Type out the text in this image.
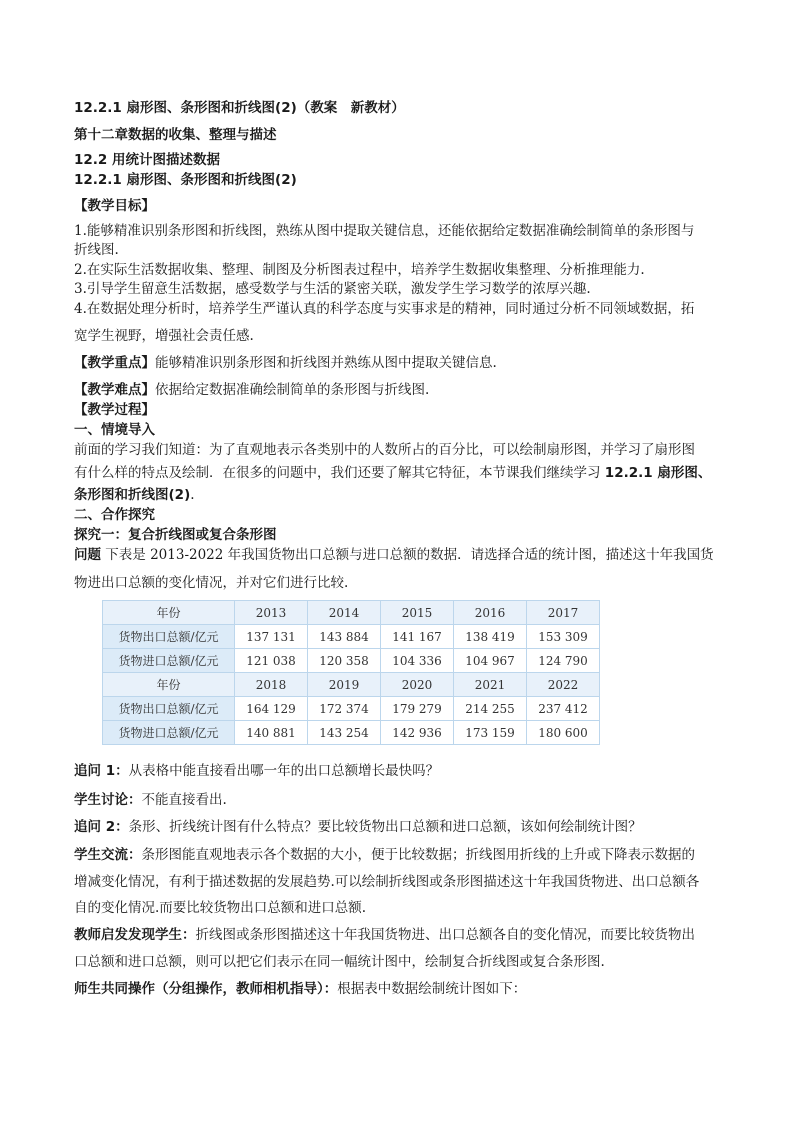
12.2.1 扇形图、条形图和折线图(2)（教案　新教材）
第十二章数据的收集、整理与描述
12.2 用统计图描述数据
12.2.1 扇形图、条形图和折线图(2)
【教学目标】
1.能够精准识别条形图和折线图，熟练从图中提取关键信息，还能依据给定数据准确绘制简单的条形图与
折线图.
2.在实际生活数据收集、整理、制图及分析图表过程中，培养学生数据收集整理、分析推理能力.
3.引导学生留意生活数据，感受数学与生活的紧密关联，激发学生学习数学的浓厚兴趣.
4.在数据处理分析时，培养学生严谨认真的科学态度与实事求是的精神，同时通过分析不同领域数据，拓
宽学生视野，增强社会责任感.
【教学重点】能够精准识别条形图和折线图并熟练从图中提取关键信息.
【教学难点】依据给定数据准确绘制简单的条形图与折线图.
【教学过程】
一、情境导入
前面的学习我们知道：为了直观地表示各类别中的人数所占的百分比，可以绘制扇形图，并学习了扇形图
有什么样的特点及绘制．在很多的问题中，我们还要了解其它特征，本节课我们继续学习 12.2.1 扇形图、
条形图和折线图(2).
二、合作探究
探究一：复合折线图或复合条形图
问题 下表是 2013-2022 年我国货物出口总额与进口总额的数据．请选择合适的统计图，描述这十年我国货
物进出口总额的变化情况，并对它们进行比较.
年份	2013	2014	2015	2016	2017
货物出口总额/亿元	137 131	143 884	141 167	138 419	153 309
货物进口总额/亿元	121 038	120 358	104 336	104 967	124 790
年份	2018	2019	2020	2021	2022
货物出口总额/亿元	164 129	172 374	179 279	214 255	237 412
货物进口总额/亿元	140 881	143 254	142 936	173 159	180 600
追问 1：从表格中能直接看出哪一年的出口总额增长最快吗？
学生讨论：不能直接看出.
追问 2：条形、折线统计图有什么特点？要比较货物出口总额和进口总额，该如何绘制统计图？
学生交流：条形图能直观地表示各个数据的大小，便于比较数据；折线图用折线的上升或下降表示数据的
增减变化情况，有利于描述数据的发展趋势.可以绘制折线图或条形图描述这十年我国货物进、出口总额各
自的变化情况.而要比较货物出口总额和进口总额.
教师启发发现学生：折线图或条形图描述这十年我国货物进、出口总额各自的变化情况，而要比较货物出
口总额和进口总额，则可以把它们表示在同一幅统计图中，绘制复合折线图或复合条形图.
师生共同操作（分组操作，教师相机指导）：根据表中数据绘制统计图如下：
